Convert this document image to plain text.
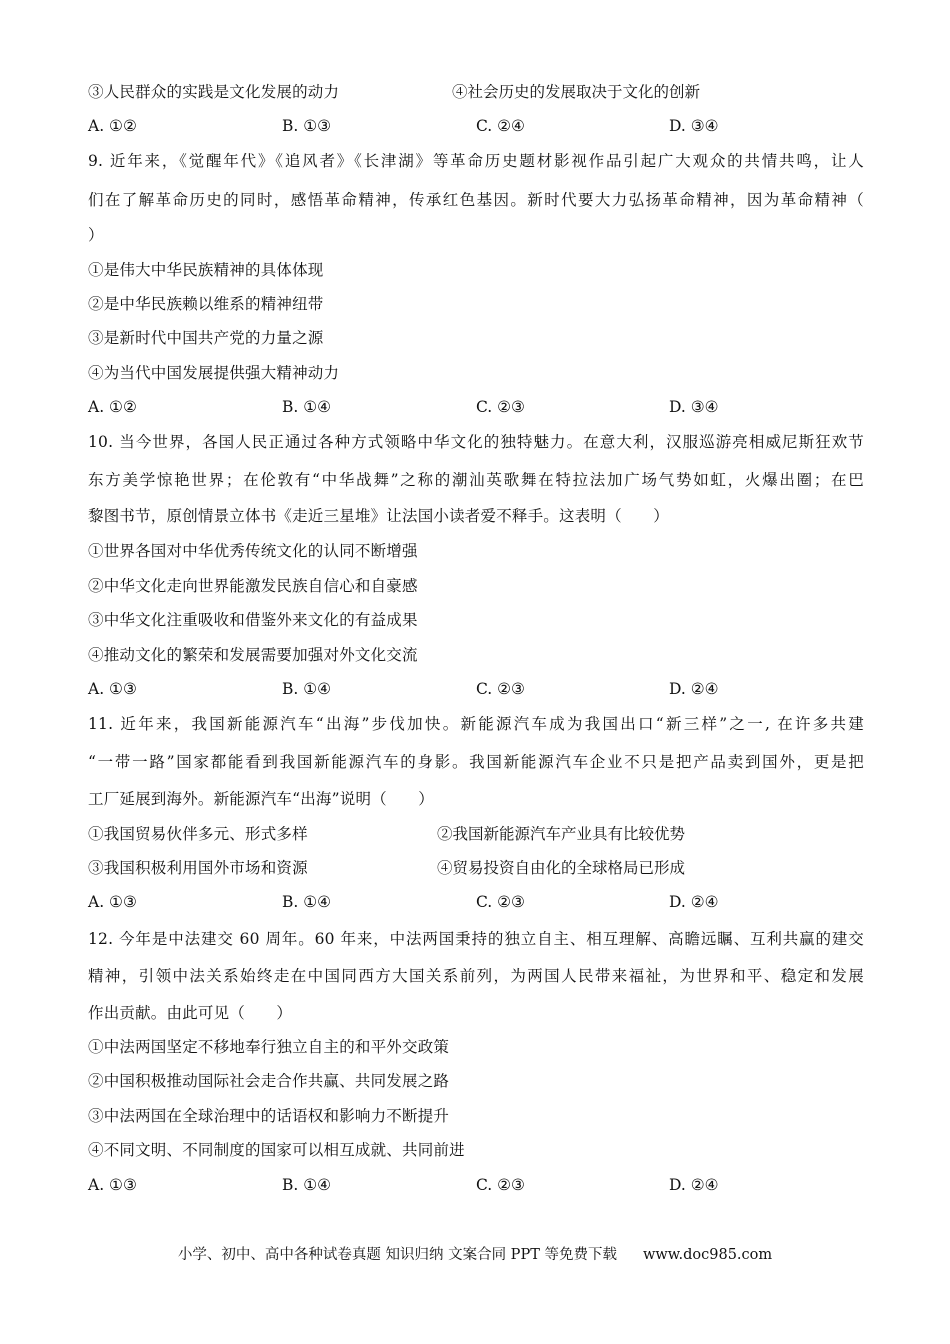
③人民群众的实践是文化发展的动力	④社会历史的发展取决于文化的创新
A. ①②	B. ①③	C. ②④	D. ③④
9. 近年来，《觉醒年代》《追风者》《长津湖》等革命历史题材影视作品引起广大观众的共情共鸣，让人
们在了解革命历史的同时，感悟革命精神，传承红色基因。新时代要大力弘扬革命精神，因为革命精神（
）
①是伟大中华民族精神的具体体现
②是中华民族赖以维系的精神纽带
③是新时代中国共产党的力量之源
④为当代中国发展提供强大精神动力
A. ①②	B. ①④	C. ②③	D. ③④
10. 当今世界，各国人民正通过各种方式领略中华文化的独特魅力。在意大利，汉服巡游亮相威尼斯狂欢节
东方美学惊艳世界；在伦敦有“中华战舞”之称的潮汕英歌舞在特拉法加广场气势如虹，火爆出圈；在巴
黎图书节，原创情景立体书《走近三星堆》让法国小读者爱不释手。这表明（　　）
①世界各国对中华优秀传统文化的认同不断增强
②中华文化走向世界能激发民族自信心和自豪感
③中华文化注重吸收和借鉴外来文化的有益成果
④推动文化的繁荣和发展需要加强对外文化交流
A. ①③	B. ①④	C. ②③	D. ②④
11. 近年来，我国新能源汽车“出海”步伐加快。新能源汽车成为我国出口“新三样”之一, 在许多共建
“一带一路”国家都能看到我国新能源汽车的身影。我国新能源汽车企业不只是把产品卖到国外，更是把
工厂延展到海外。新能源汽车“出海”说明（　　）
①我国贸易伙伴多元、形式多样	②我国新能源汽车产业具有比较优势
③我国积极利用国外市场和资源	④贸易投资自由化的全球格局已形成
A. ①③	B. ①④	C. ②③	D. ②④
12. 今年是中法建交 60 周年。60 年来，中法两国秉持的独立自主、相互理解、高瞻远瞩、互利共赢的建交
精神，引领中法关系始终走在中国同西方大国关系前列，为两国人民带来福祉，为世界和平、稳定和发展
作出贡献。由此可见（　　）
①中法两国坚定不移地奉行独立自主的和平外交政策
②中国积极推动国际社会走合作共赢、共同发展之路
③中法两国在全球治理中的话语权和影响力不断提升
④不同文明、不同制度的国家可以相互成就、共同前进
A. ①③	B. ①④	C. ②③	D. ②④
小学、初中、高中各种试卷真题 知识归纳 文案合同 PPT 等免费下载 www.doc985.com
